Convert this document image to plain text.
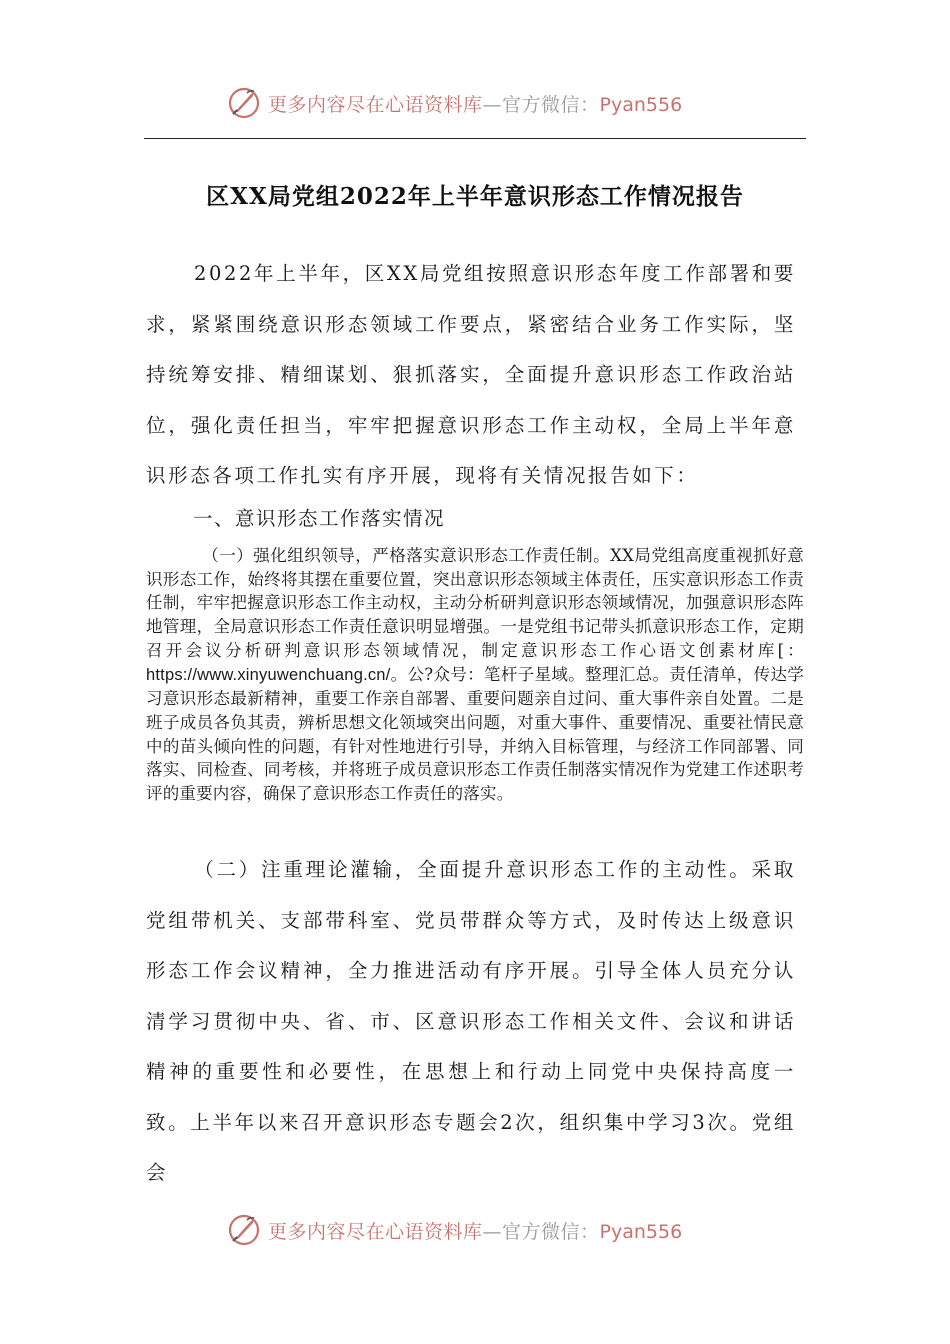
更多内容尽在心语资料库—官方微信：Pyan556
区XX局党组2022年上半年意识形态工作情况报告
2022年上半年，区XX局党组按照意识形态年度工作部署和要求，紧紧围绕意识形态领域工作要点，紧密结合业务工作实际，坚持统筹安排、精细谋划、狠抓落实，全面提升意识形态工作政治站位，强化责任担当，牢牢把握意识形态工作主动权，全局上半年意识形态各项工作扎实有序开展，现将有关情况报告如下：
一、意识形态工作落实情况
（一）强化组织领导，严格落实意识形态工作责任制。XX局党组高度重视抓好意识形态工作，始终将其摆在重要位置，突出意识形态领域主体责任，压实意识形态工作责任制，牢牢把握意识形态工作主动权，主动分析研判意识形态领域情况，加强意识形态阵地管理，全局意识形态工作责任意识明显增强。一是党组书记带头抓意识形态工作，定期召开会议分析研判意识形态领域情况，制定意识形态工作心语文创素材库[：https://www.xinyuwenchuang.cn/。公?众号：笔杆子星域。整理汇总。责任清单，传达学习意识形态最新精神，重要工作亲自部署、重要问题亲自过问、重大事件亲自处置。二是班子成员各负其责，辨析思想文化领域突出问题，对重大事件、重要情况、重要社情民意中的苗头倾向性的问题，有针对性地进行引导，并纳入目标管理，与经济工作同部署、同落实、同检查、同考核，并将班子成员意识形态工作责任制落实情况作为党建工作述职考评的重要内容，确保了意识形态工作责任的落实。
（二）注重理论灌输，全面提升意识形态工作的主动性。采取党组带机关、支部带科室、党员带群众等方式，及时传达上级意识形态工作会议精神，全力推进活动有序开展。引导全体人员充分认清学习贯彻中央、省、市、区意识形态工作相关文件、会议和讲话精神的重要性和必要性，在思想上和行动上同党中央保持高度一致。上半年以来召开意识形态专题会2次，组织集中学习3次。党组会
更多内容尽在心语资料库—官方微信：Pyan556
